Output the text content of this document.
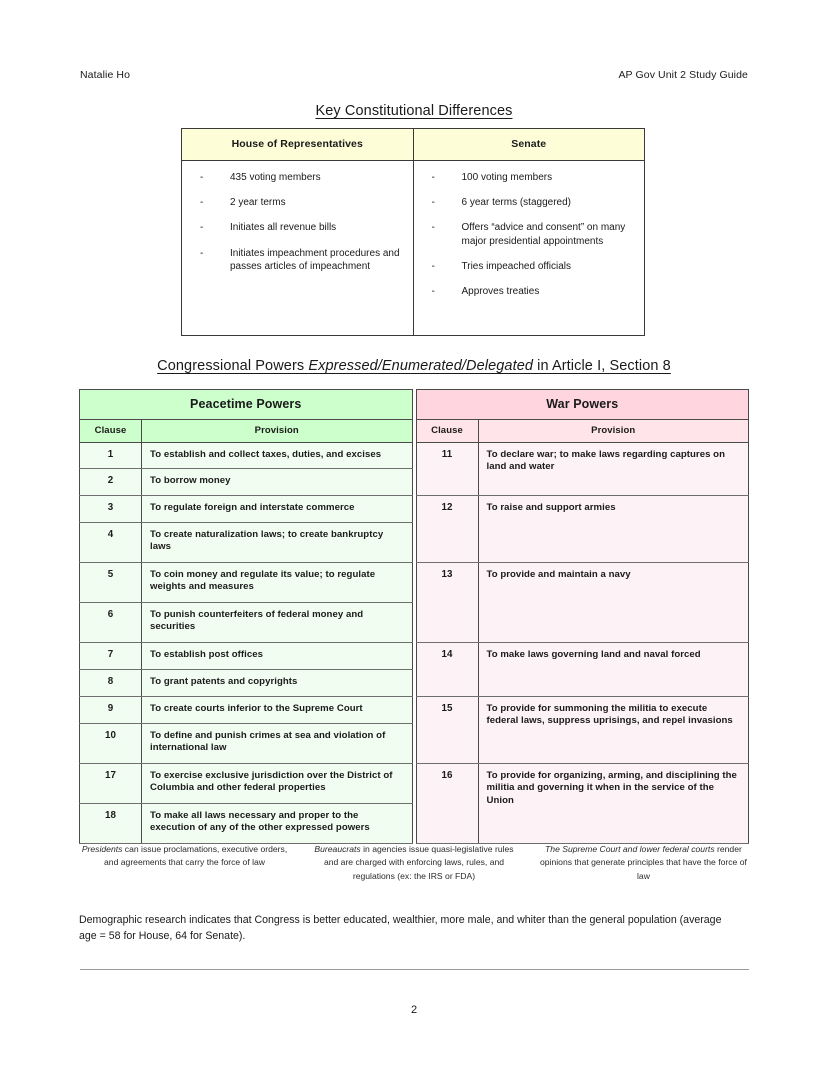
Natalie Ho	AP Gov Unit 2 Study Guide
Key Constitutional Differences
House of Representatives	Senate

-	435 voting members
-	2 year terms
-	Initiates all revenue bills
-	Initiates impeachment procedures and passes articles of impeachment

-	100 voting members
-	6 year terms (staggered)
-	Offers “advice and consent” on many major presidential appointments
-	Tries impeached officials
-	Approves treaties
Congressional Powers Expressed/Enumerated/Delegated in Article I, Section 8
Peacetime Powers	
Clause	Provision
1	To establish and collect taxes, duties, and excises
2	To borrow money
3	To regulate foreign and interstate commerce
4	To create naturalization laws; to create bankruptcy laws
5	To coin money and regulate its value; to regulate weights and measures
6	To punish counterfeiters of federal money and securities
7	To establish post offices
8	To grant patents and copyrights
9	To create courts inferior to the Supreme Court
10	To define and punish crimes at sea and violation of international law
17	To exercise exclusive jurisdiction over the District of Columbia and other federal properties
18	To make all laws necessary and proper to the execution of any of the other expressed powers
War Powers	
Clause	Provision
11	To declare war; to make laws regarding captures on land and water
12	To raise and support armies
13	To provide and maintain a navy
14	To make laws governing land and naval forced
15	To provide for summoning the militia to execute federal laws, suppress uprisings, and repel invasions
16	To provide for organizing, arming, and disciplining the militia and governing it when in the service of the Union
Presidents can issue proclamations, executive orders, and agreements that carry the force of law
Bureaucrats in agencies issue quasi-legislative rules and are charged with enforcing laws, rules, and regulations (ex: the IRS or FDA)
The Supreme Court and lower federal courts render opinions that generate principles that have the force of law
Demographic research indicates that Congress is better educated, wealthier, more male, and whiter than the general population (average age = 58 for House, 64 for Senate).
2
